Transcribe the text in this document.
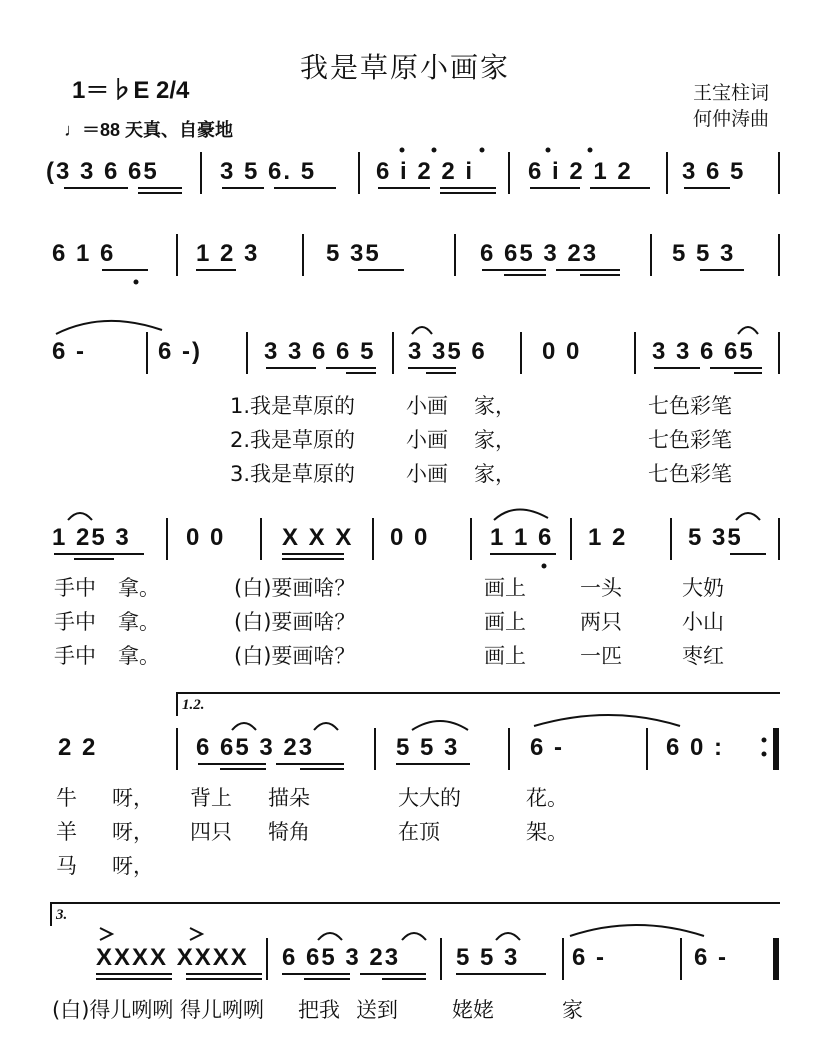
我是草原小画家
王宝柱词
何仲涛曲
1＝♭E 2/4
♩＝88 天真、自豪地
(3 3 6 65	3 5 6. 5 6 i 2 2 i 6 i 2 1 2 3 6 5
6 1 6	1 2 3	5 35	6 65 3 23	5 5 3
6 -	6 -)	3 3 6 6 5 3 35 6 0 0	3 3 6 65
1.我是草原的 小画 家，	七色彩笔
2.我是草原的 小画 家，	七色彩笔
3.我是草原的 小画 家，	七色彩笔
1 25 3 0 0 X X X 0 0	1 1 6 1 2	5 35
手中 拿。	(白)要画啥？	画上	一头	大奶
手中 拿。	(白)要画啥？	画上	两只	小山
手中 拿。	(白)要画啥？	画上	一匹	枣红
1.2.
2 2	6 65 3 23	5 5 3	6 -	6 0 :
牛 呀， 背上 描朵	大大的	花。
羊 呀， 四只 犄角	在顶	架。
马 呀，
3.
XXXX XXXX 6 65 3 23 5 5 3 6 -	6 -
(白)得儿咧咧 得儿咧咧 把我 送到	姥姥	家
